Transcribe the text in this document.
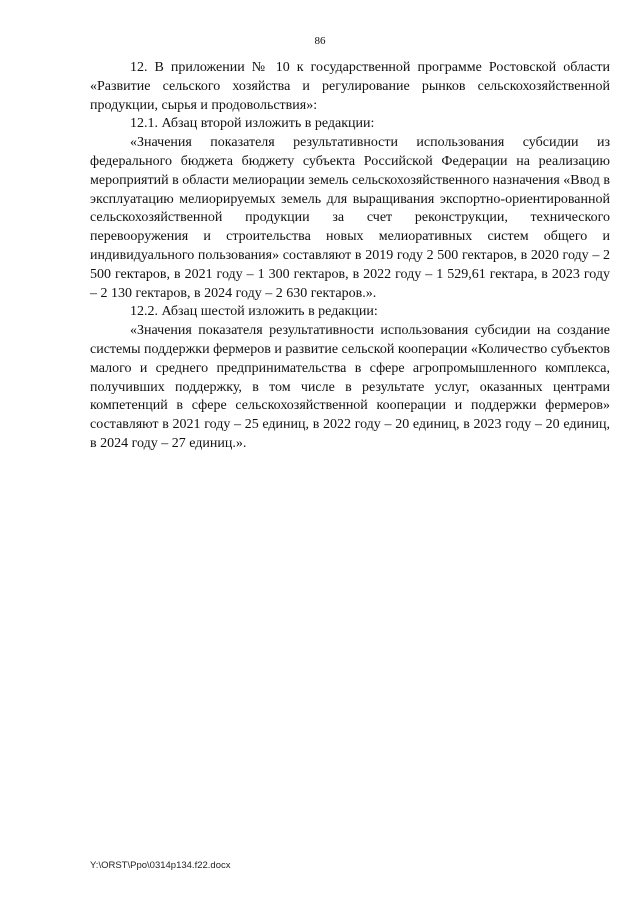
86

12. В приложении № 10 к государственной программе Ростовской области «Развитие сельского хозяйства и регулирование рынков сельскохозяйственной продукции, сырья и продовольствия»:

12.1. Абзац второй изложить в редакции:

«Значения показателя результативности использования субсидии из федерального бюджета бюджету субъекта Российской Федерации на реализацию мероприятий в области мелиорации земель сельскохозяйственного назначения «Ввод в эксплуатацию мелиорируемых земель для выращивания экспортно-ориентированной сельскохозяйственной продукции за счет реконструкции, технического перевооружения и строительства новых мелиоративных систем общего и индивидуального пользования» составляют в 2019 году 2 500 гектаров, в 2020 году – 2 500 гектаров, в 2021 году – 1 300 гектаров, в 2022 году – 1 529,61 гектара, в 2023 году – 2 130 гектаров, в 2024 году – 2 630 гектаров.».

12.2. Абзац шестой изложить в редакции:

«Значения показателя результативности использования субсидии на создание системы поддержки фермеров и развитие сельской кооперации «Количество субъектов малого и среднего предпринимательства в сфере агропромышленного комплекса, получивших поддержку, в том числе в результате услуг, оказанных центрами компетенций в сфере сельскохозяйственной кооперации и поддержки фермеров» составляют в 2021 году – 25 единиц, в 2022 году – 20 единиц, в 2023 году – 20 единиц, в 2024 году – 27 единиц.».

Y:\ORST\Ppo\0314p134.f22.docx
